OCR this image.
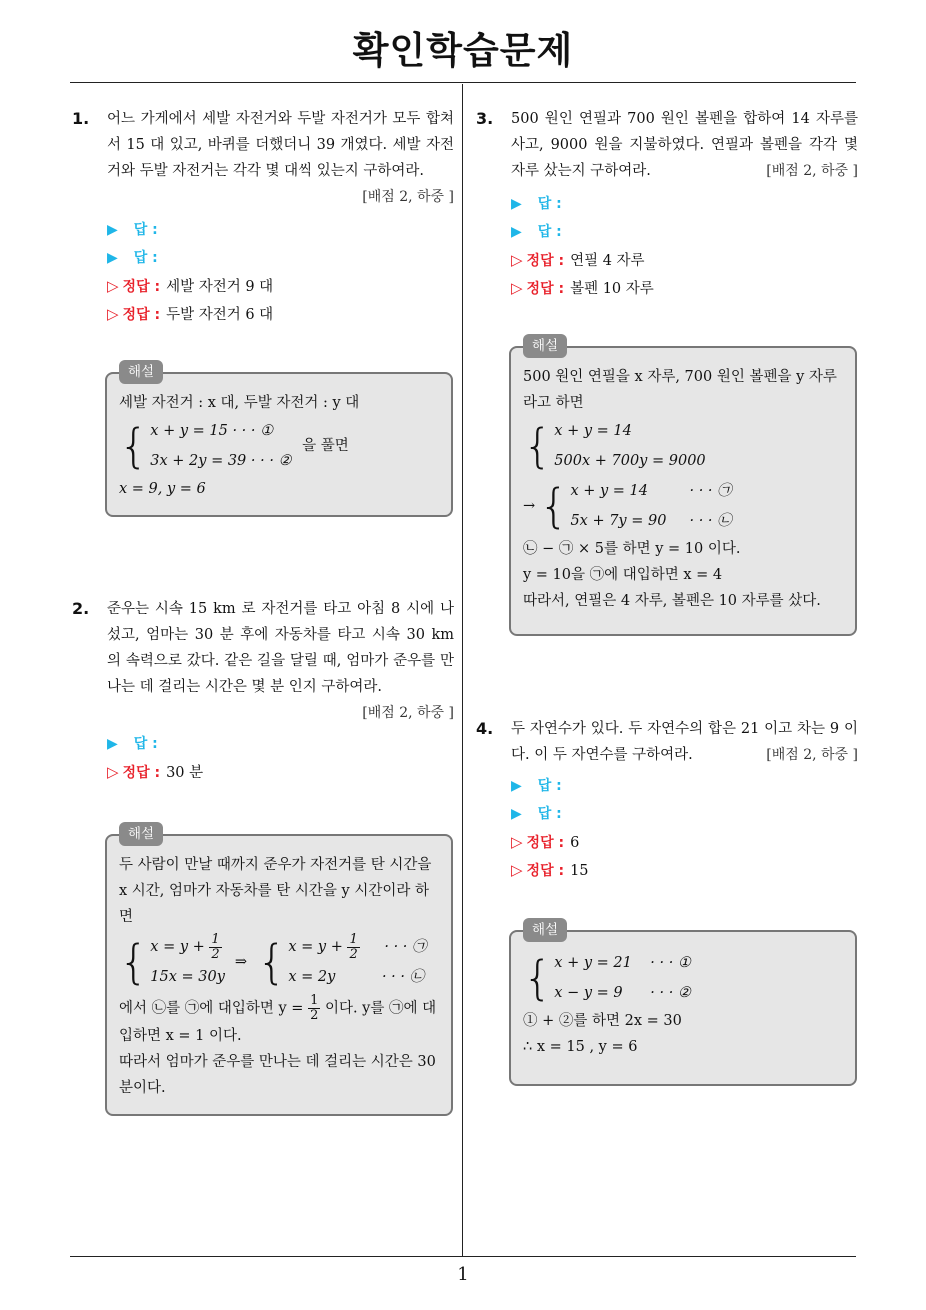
확인학습문제
1
1. 어느 가게에서 세발 자전거와 두발 자전거가 모두 합쳐서 15 대 있고, 바퀴를 더했더니 39 개였다. 세발 자전거와 두발 자전거는 각각 몇 대씩 있는지 구하여라.
[배점 2, 하중 ]
▶ 답 :
▶ 답 :
▷ 정답 : 세발 자전거 9 대
▷ 정답 : 두발 자전거 6 대
해설
세발 자전거 : x 대, 두발 자전거 : y 대
{ x + y = 15 · · · ①
3x + 2y = 39 · · · ②
을 풀면
x = 9, y = 6
2. 준우는 시속 15 km 로 자전거를 타고 아침 8 시에 나섰고, 엄마는 30 분 후에 자동차를 타고 시속 30 km 의 속력으로 갔다. 같은 길을 달릴 때, 엄마가 준우를 만나는 데 걸리는 시간은 몇 분 인지 구하여라.
[배점 2, 하중 ]
▶ 답 :
▷ 정답 : 30 분
해설
두 사람이 만날 때까지 준우가 자전거를 탄 시간을 x 시간, 엄마가 자동차를 탄 시간을 y 시간이라 하면
{ $x = y + \frac{1}{2}$
15x = 30y
⇒ { $x = y + \frac{1}{2}$ · · · ㉠
x = 2y	· · · ㉡
에서 ㉡를 ㉠에 대입하면 $y = \frac{1}{2}$ 이다. y를 ㉠에 대입하면 x = 1 이다.
따라서 엄마가 준우를 만나는 데 걸리는 시간은 30 분이다.
3. 500 원인 연필과 700 원인 볼펜을 합하여 14 자루를 사고, 9000 원을 지불하였다. 연필과 볼펜을 각각 몇 자루 샀는지 구하여라.	[배점 2, 하중 ]
▶ 답 :
▶ 답 :
▷ 정답 : 연필 4 자루
▷ 정답 : 볼펜 10 자루
해설
500 원인 연필을 x 자루, 700 원인 볼펜을 y 자루라고 하면
{ x + y = 14
500x + 700y = 9000
→ { x + y = 14         · · · ㉠
5x + 7y = 90     · · · ㉡
㉡ − ㉠ × 5를 하면 y = 10 이다.
y = 10을 ㉠에 대입하면 x = 4
따라서, 연필은 4 자루, 볼펜은 10 자루를 샀다.
4. 두 자연수가 있다. 두 자연수의 합은 21 이고 차는 9 이다. 이 두 자연수를 구하여라.	[배점 2, 하중 ]
▶ 답 :
▶ 답 :
▷ 정답 : 6
▷ 정답 : 15
해설
{ x + y = 21    · · · ①
x − y = 9      · · · ②
① + ②를 하면 2x = 30
∴ x = 15 , y = 6
